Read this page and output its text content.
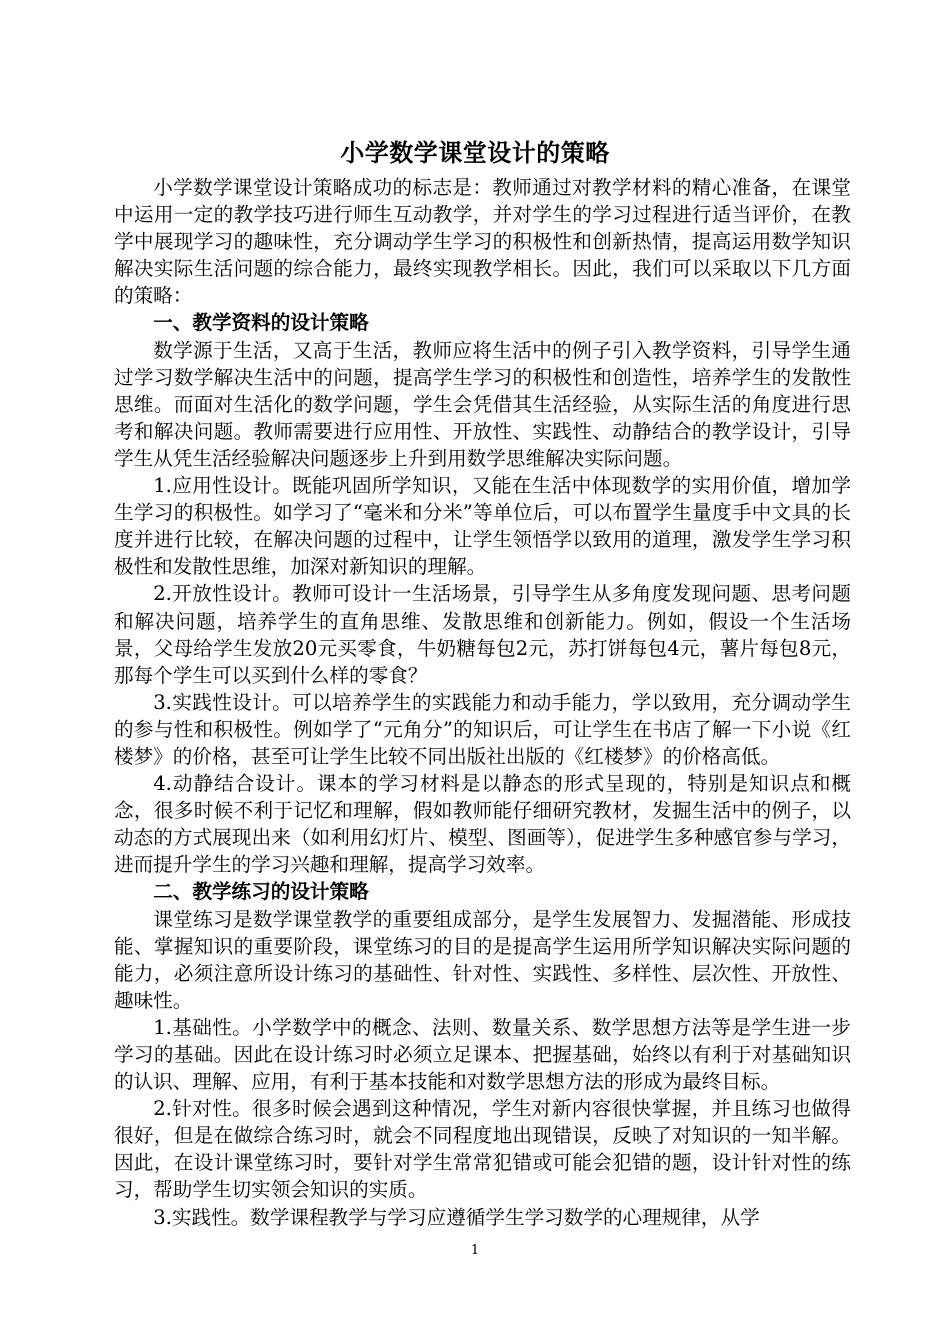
小学数学课堂设计的策略

小学数学课堂设计策略成功的标志是：教师通过对教学材料的精心准备，在课堂中运用一定的教学技巧进行师生互动教学，并对学生的学习过程进行适当评价，在教学中展现学习的趣味性，充分调动学生学习的积极性和创新热情，提高运用数学知识解决实际生活问题的综合能力，最终实现教学相长。因此，我们可以采取以下几方面的策略：

一、教学资料的设计策略

数学源于生活，又高于生活，教师应将生活中的例子引入教学资料，引导学生通过学习数学解决生活中的问题，提高学生学习的积极性和创造性，培养学生的发散性思维。而面对生活化的数学问题，学生会凭借其生活经验，从实际生活的角度进行思考和解决问题。教师需要进行应用性、开放性、实践性、动静结合的教学设计，引导学生从凭生活经验解决问题逐步上升到用数学思维解决实际问题。

1.应用性设计。既能巩固所学知识，又能在生活中体现数学的实用价值，增加学生学习的积极性。如学习了“毫米和分米”等单位后，可以布置学生量度手中文具的长度并进行比较，在解决问题的过程中，让学生领悟学以致用的道理，激发学生学习积极性和发散性思维，加深对新知识的理解。

2.开放性设计。教师可设计一生活场景，引导学生从多角度发现问题、思考问题和解决问题，培养学生的直角思维、发散思维和创新能力。例如，假设一个生活场景，父母给学生发放20元买零食，牛奶糖每包2元，苏打饼每包4元，薯片每包8元，那每个学生可以买到什么样的零食？

3.实践性设计。可以培养学生的实践能力和动手能力，学以致用，充分调动学生的参与性和积极性。例如学了“元角分”的知识后，可让学生在书店了解一下小说《红楼梦》的价格，甚至可让学生比较不同出版社出版的《红楼梦》的价格高低。

4.动静结合设计。课本的学习材料是以静态的形式呈现的，特别是知识点和概念，很多时候不利于记忆和理解，假如教师能仔细研究教材，发掘生活中的例子，以动态的方式展现出来（如利用幻灯片、模型、图画等），促进学生多种感官参与学习，进而提升学生的学习兴趣和理解，提高学习效率。

二、教学练习的设计策略

课堂练习是数学课堂教学的重要组成部分，是学生发展智力、发掘潜能、形成技能、掌握知识的重要阶段，课堂练习的目的是提高学生运用所学知识解决实际问题的能力，必须注意所设计练习的基础性、针对性、实践性、多样性、层次性、开放性、趣味性。

1.基础性。小学数学中的概念、法则、数量关系、数学思想方法等是学生进一步学习的基础。因此在设计练习时必须立足课本、把握基础，始终以有利于对基础知识的认识、理解、应用，有利于基本技能和对数学思想方法的形成为最终目标。

2.针对性。很多时候会遇到这种情况，学生对新内容很快掌握，并且练习也做得很好，但是在做综合练习时，就会不同程度地出现错误，反映了对知识的一知半解。因此，在设计课堂练习时，要针对学生常常犯错或可能会犯错的题，设计针对性的练习，帮助学生切实领会知识的实质。

3.实践性。数学课程教学与学习应遵循学生学习数学的心理规律，从学

1
